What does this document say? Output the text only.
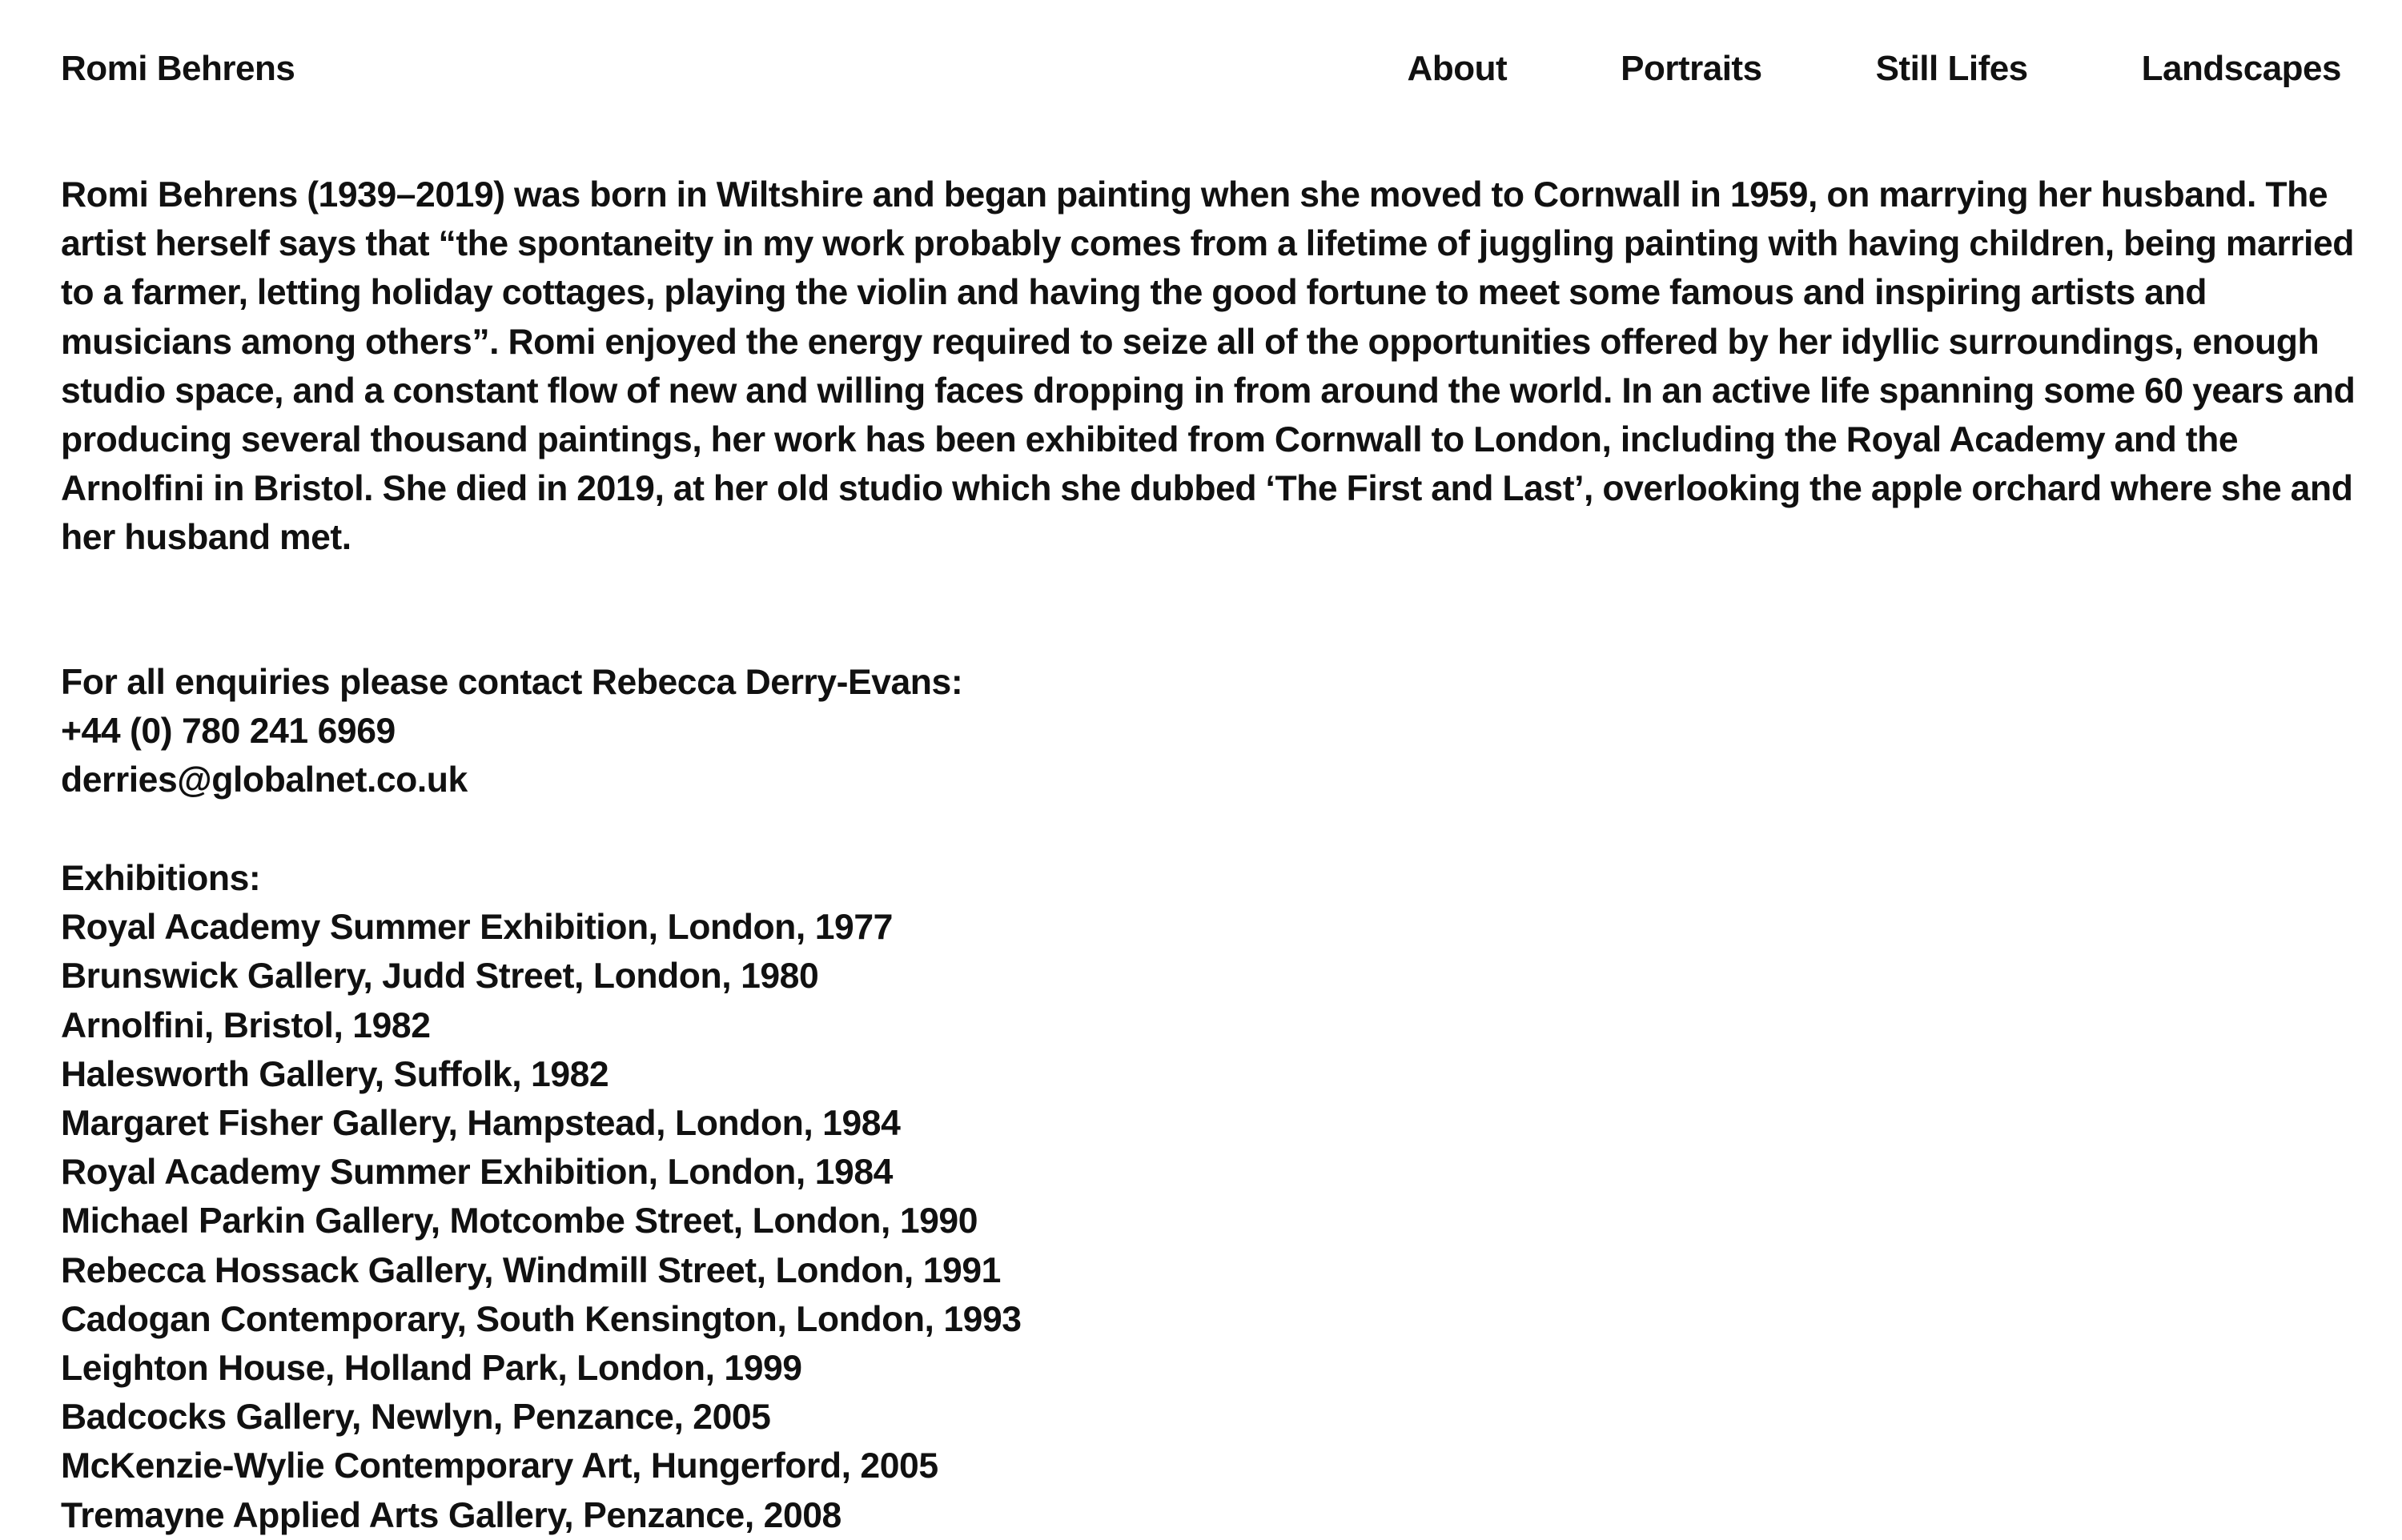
Romi Behrens	About	Portraits	Still Lifes	Landscapes

Romi Behrens (1939–2019) was born in Wiltshire and began painting when she moved to Cornwall in 1959, on marrying her husband. The artist herself says that “the spontaneity in my work probably comes from a lifetime of juggling painting with having children, being married to a farmer, letting holiday cottages, playing the violin and having the good fortune to meet some famous and inspiring artists and musicians among others”. Romi enjoyed the energy required to seize all of the opportunities offered by her idyllic surroundings, enough studio space, and a constant flow of new and willing faces dropping in from around the world. In an active life spanning some 60 years and producing several thousand paintings, her work has been exhibited from Cornwall to London, including the Royal Academy and the Arnolfini in Bristol. She died in 2019, at her old studio which she dubbed ‘The First and Last’, overlooking the apple orchard where she and her husband met.

For all enquiries please contact Rebecca Derry-Evans:
+44 (0) 780 241 6969
derries@globalnet.co.uk
Exhibitions:
Royal Academy Summer Exhibition, London, 1977
Brunswick Gallery, Judd Street, London, 1980
Arnolfini, Bristol, 1982
Halesworth Gallery, Suffolk, 1982
Margaret Fisher Gallery, Hampstead, London, 1984
Royal Academy Summer Exhibition, London, 1984
Michael Parkin Gallery, Motcombe Street, London, 1990
Rebecca Hossack Gallery, Windmill Street, London, 1991
Cadogan Contemporary, South Kensington, London, 1993
Leighton House, Holland Park, London, 1999
Badcocks Gallery, Newlyn, Penzance, 2005
McKenzie-Wylie Contemporary Art, Hungerford, 2005
Tremayne Applied Arts Gallery, Penzance, 2008
